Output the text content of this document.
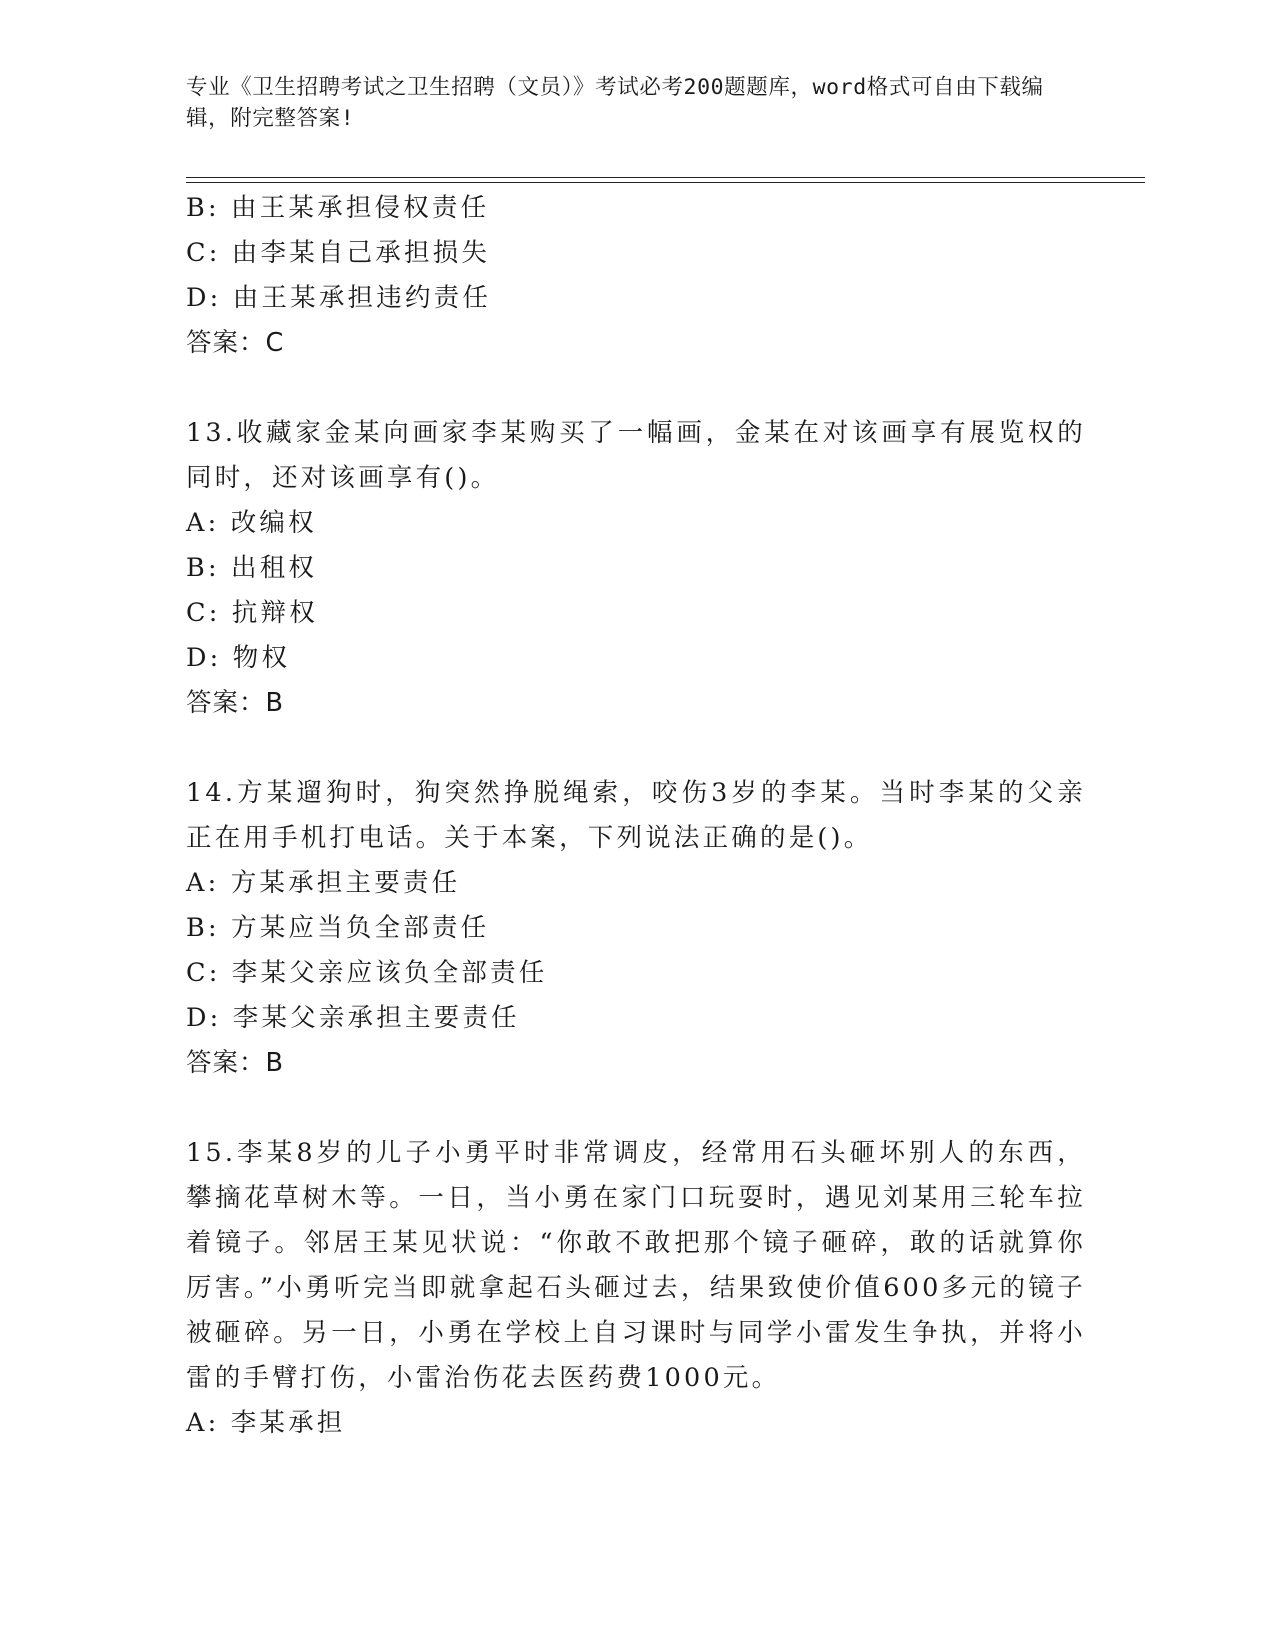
专业《卫生招聘考试之卫生招聘（文员）》考试必考200题题库，word格式可自由下载编辑，附完整答案!
B: 由王某承担侵权责任
C: 由李某自己承担损失
D: 由王某承担违约责任
答案：C
13.收藏家金某向画家李某购买了一幅画，金某在对该画享有展览权的同时，还对该画享有()。
A: 改编权
B: 出租权
C: 抗辩权
D: 物权
答案：B
14.方某遛狗时，狗突然挣脱绳索，咬伤3岁的李某。当时李某的父亲正在用手机打电话。关于本案，下列说法正确的是()。
A: 方某承担主要责任
B: 方某应当负全部责任
C: 李某父亲应该负全部责任
D: 李某父亲承担主要责任
答案：B
15.李某8岁的儿子小勇平时非常调皮，经常用石头砸坏别人的东西，攀摘花草树木等。一日，当小勇在家门口玩耍时，遇见刘某用三轮车拉着镜子。邻居王某见状说：“你敢不敢把那个镜子砸碎，敢的话就算你厉害。”小勇听完当即就拿起石头砸过去，结果致使价值600多元的镜子被砸碎。另一日，小勇在学校上自习课时与同学小雷发生争执，并将小雷的手臂打伤，小雷治伤花去医药费1000元。
A: 李某承担
